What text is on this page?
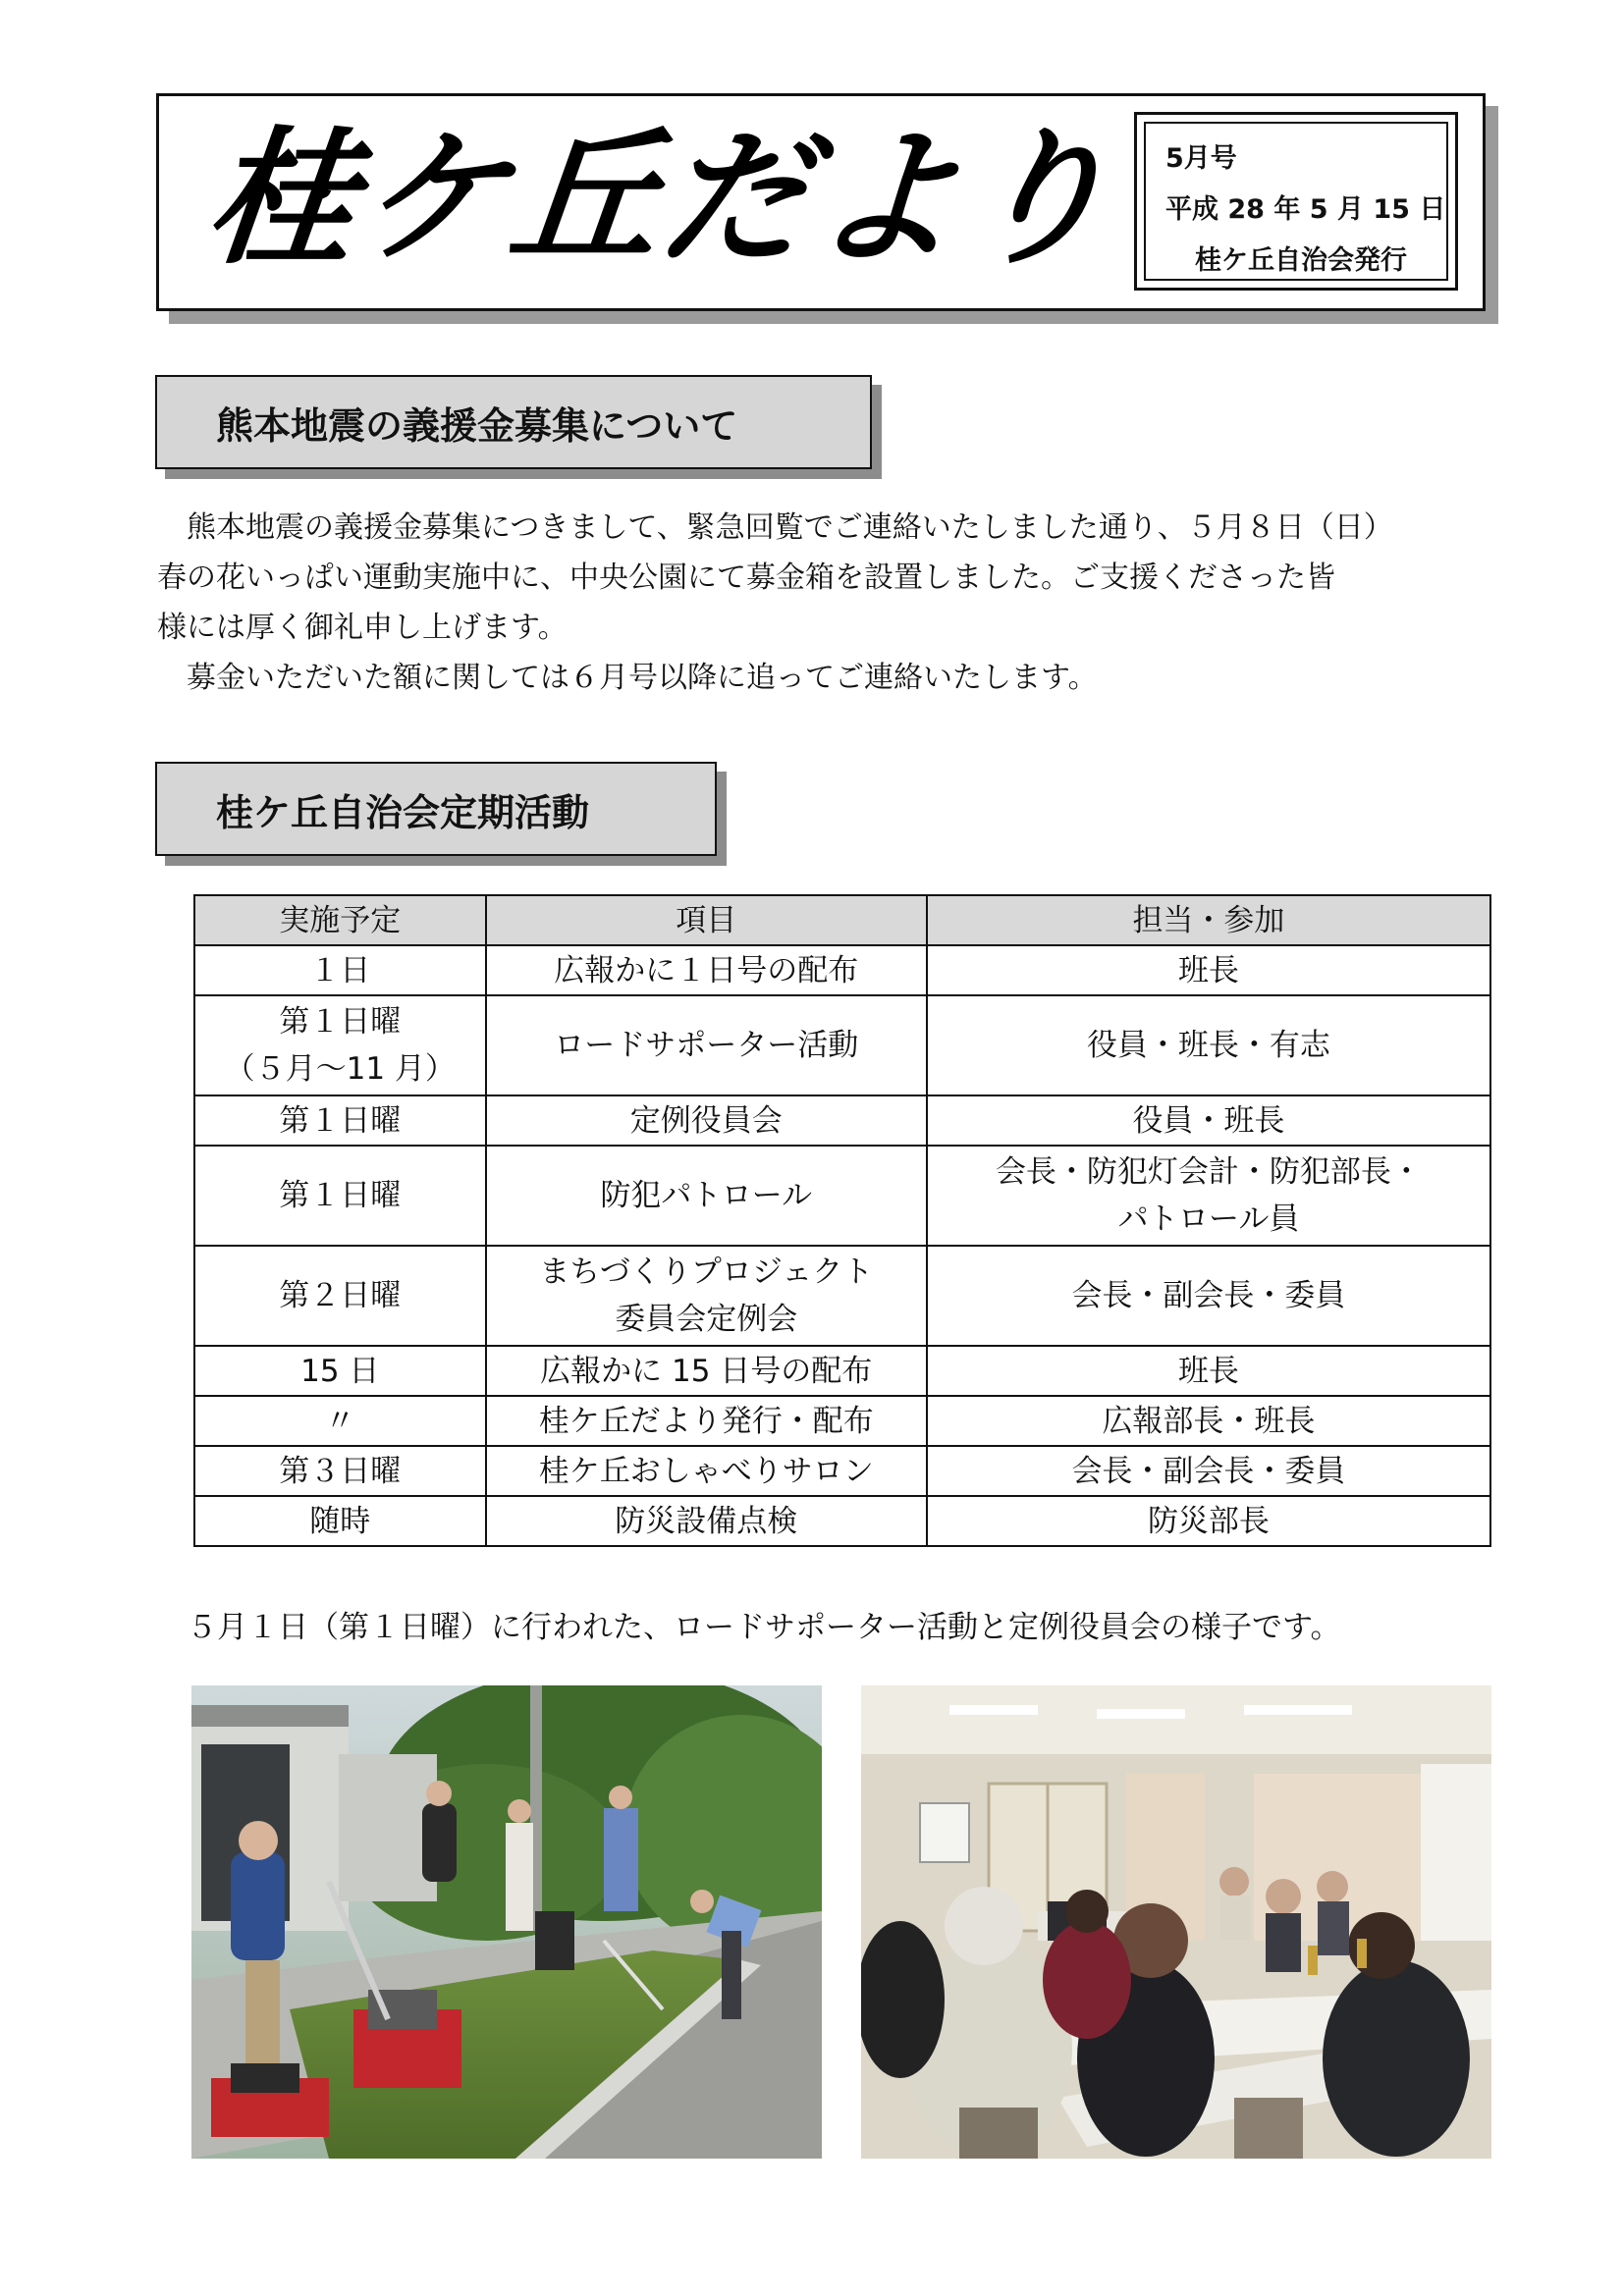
桂ケ丘だより 5月号
平成 28 年 5 月 15 日
桂ケ丘自治会発行
熊本地震の義援金募集について

　熊本地震の義援金募集につきまして、緊急回覧でご連絡いたしました通り、５月８日（日）

春の花いっぱい運動実施中に、中央公園にて募金箱を設置しました。ご支援くださった皆

様には厚く御礼申し上げます。

　募金いただいた額に関しては６月号以降に追ってご連絡いたします。

桂ケ丘自治会定期活動
実施予定	項目	担当・参加

１日	広報かに１日号の配布	班長

第１日曜
（５月～11 月）	ロードサポーター活動	役員・班長・有志

第１日曜	定例役員会	役員・班長

第１日曜	防犯パトロール	会長・防犯灯会計・防犯部長・
パトロール員

第２日曜	まちづくりプロジェクト
委員会定例会	会長・副会長・委員

15 日	広報かに 15 日号の配布	班長

〃	桂ケ丘だより発行・配布	広報部長・班長

第３日曜	桂ケ丘おしゃべりサロン	会長・副会長・委員

随時	防災設備点検	防災部長
５月１日（第１日曜）に行われた、ロードサポーター活動と定例役員会の様子です。
